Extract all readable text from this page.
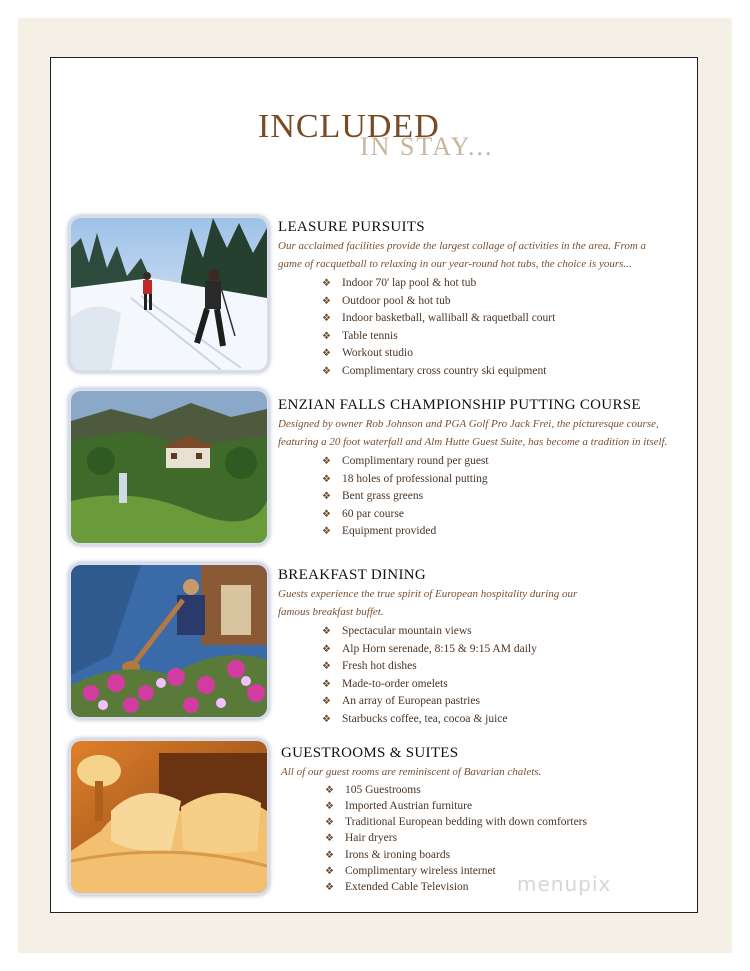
INCLUDED
IN STAY...
LEASURE PURSUITS
Our acclaimed facilities provide the largest collage of activities in the area. From a
game of racquetball to relaxing in our year-round hot tubs, the choice is yours...
❖ Indoor 70' lap pool & hot tub
❖ Outdoor pool & hot tub
❖ Indoor basketball, walliball & raquetball court
❖ Table tennis
❖ Workout studio
❖ Complimentary cross country ski equipment
ENZIAN FALLS CHAMPIONSHIP PUTTING COURSE
Designed by owner Rob Johnson and PGA Golf Pro Jack Frei, the picturesque course,
featuring a 20 foot waterfall and Alm Hutte Guest Suite, has become a tradition in itself.
❖ Complimentary round per guest
❖ 18 holes of professional putting
❖ Bent grass greens
❖ 60 par course
❖ Equipment provided
BREAKFAST DINING
Guests experience the true spirit of European hospitality during our
famous breakfast buffet.
❖ Spectacular mountain views
❖ Alp Horn serenade, 8:15 & 9:15 AM daily
❖ Fresh hot dishes
❖ Made-to-order omelets
❖ An array of European pastries
❖ Starbucks coffee, tea, cocoa & juice
GUESTROOMS & SUITES
All of our guest rooms are reminiscent of Bavarian chalets.
❖ 105 Guestrooms
❖ Imported Austrian furniture
❖ Traditional European bedding with down comforters
❖ Hair dryers
❖ Irons & ironing boards
❖ Complimentary wireless internet
❖ Extended Cable Television	menupix
